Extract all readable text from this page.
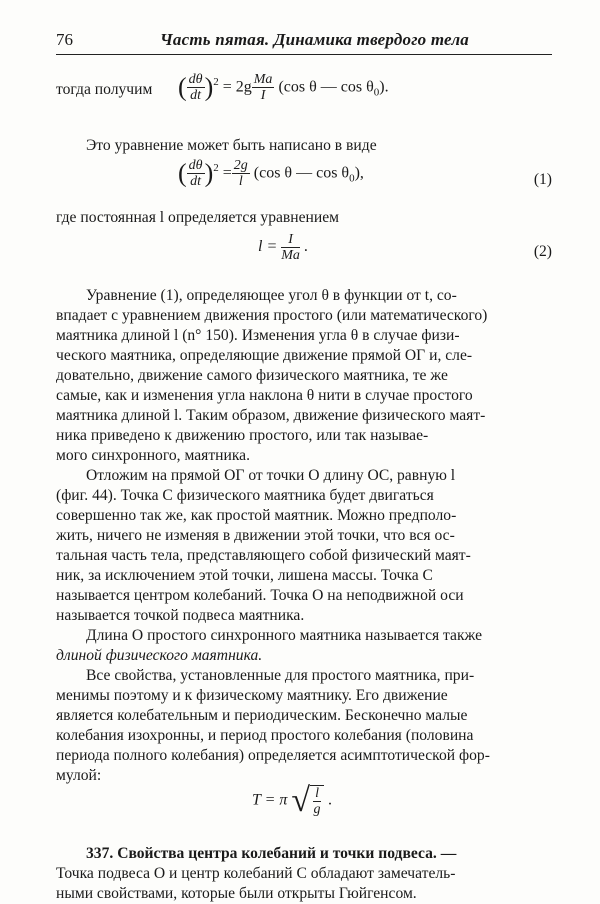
76	Часть пятая. Динамика твердого тела
тогда получим ( $\frac{d\theta}{dt} )^2 = 2g \frac{Ma}{I} (\cos$ θ — $\cos \theta_0$).

Это уравнение может быть написано в виде

( $\frac{d\theta}{dt} )^2 = \frac{2g}{l} (\cos$ θ — $\cos \theta_0$),	(1)

где постоянная l определяется уравнением

$l = \frac{I}{Ma}$ .	(2)

Уравнение (1), определяющее угол θ в функции от t, со-

впадает с уравнением движения простого (или математического)

маятника длиной l (n° 150). Изменения угла θ в случае физи-

ческого маятника, определяющие движение прямой OΓ и, сле-

довательно, движение самого физического маятника, те же

самые, как и изменения угла наклона θ нити в случае простого

маятника длиной l. Таким образом, движение физического маят-

ника приведено к движению простого, или так называе-

мого синхронного, маятника.

Отложим на прямой OΓ от точки O длину OC, равную l

(фиг. 44). Точка C физического маятника будет двигаться

совершенно так же, как простой маятник. Можно предполо-

жить, ничего не изменяя в движении этой точки, что вся ос-

тальная часть тела, представляющего собой физический маят-

ник, за исключением этой точки, лишена массы. Точка C

называется центром колебаний. Точка O на неподвижной оси

называется точкой подвеса маятника.

Длина O простого синхронного маятника называется также

длиной физического маятника.

Все свойства, установленные для простого маятника, при-

менимы поэтому и к физическому маятнику. Его движение

является колебательным и периодическим. Бесконечно малые

колебания изохронны, и период простого колебания (половина

периода полного колебания) определяется асимптотической фор-

мулой:

T = π √ $\frac{l}{g}$ .

337. Свойства центра колебаний и точки подвеса. —

Точка подвеса O и центр колебаний C обладают замечатель-

ными свойствами, которые были открыты Гюйгенсом.
